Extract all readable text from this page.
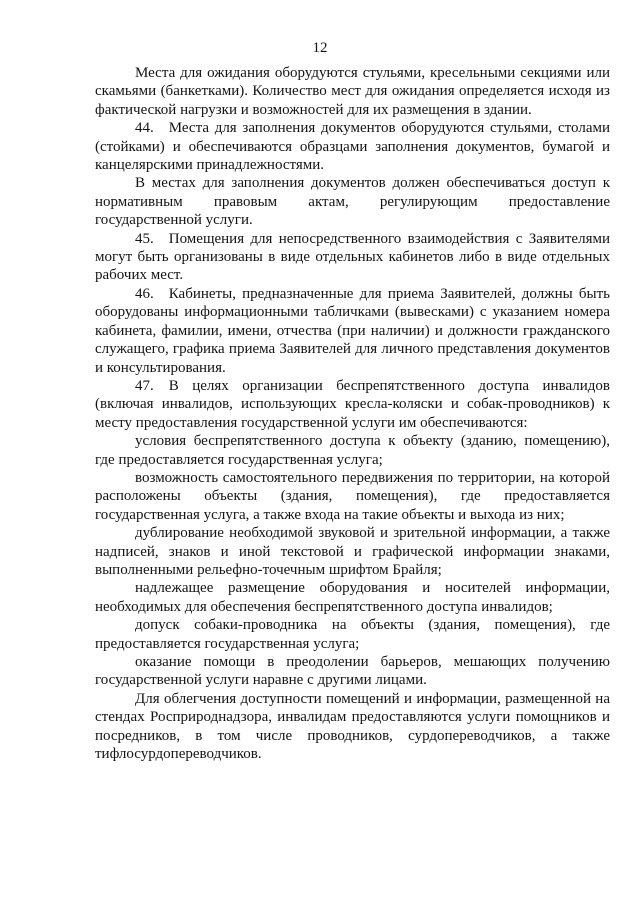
12

Места для ожидания оборудуются стульями, кресельными секциями или скамьями (банкетками). Количество мест для ожидания определяется исходя из фактической нагрузки и возможностей для их размещения в здании.

44. Места для заполнения документов оборудуются стульями, столами (стойками) и обеспечиваются образцами заполнения документов, бумагой и канцелярскими принадлежностями.

В местах для заполнения документов должен обеспечиваться доступ к нормативным правовым актам, регулирующим предоставление государственной услуги.

45. Помещения для непосредственного взаимодействия с Заявителями могут быть организованы в виде отдельных кабинетов либо в виде отдельных рабочих мест.

46. Кабинеты, предназначенные для приема Заявителей, должны быть оборудованы информационными табличками (вывесками) с указанием номера кабинета, фамилии, имени, отчества (при наличии) и должности гражданского служащего, графика приема Заявителей для личного представления документов и консультирования.

47. В целях организации беспрепятственного доступа инвалидов (включая инвалидов, использующих кресла-коляски и собак-проводников) к месту предоставления государственной услуги им обеспечиваются:

условия беспрепятственного доступа к объекту (зданию, помещению), где предоставляется государственная услуга;

возможность самостоятельного передвижения по территории, на которой расположены объекты (здания, помещения), где предоставляется государственная услуга, а также входа на такие объекты и выхода из них;

дублирование необходимой звуковой и зрительной информации, а также надписей, знаков и иной текстовой и графической информации знаками, выполненными рельефно-точечным шрифтом Брайля;

надлежащее размещение оборудования и носителей информации, необходимых для обеспечения беспрепятственного доступа инвалидов;

допуск собаки-проводника на объекты (здания, помещения), где предоставляется государственная услуга;

оказание помощи в преодолении барьеров, мешающих получению государственной услуги наравне с другими лицами.

Для облегчения доступности помещений и информации, размещенной на стендах Росприроднадзора, инвалидам предоставляются услуги помощников и посредников, в том числе проводников, сурдопереводчиков, а также тифлосурдопереводчиков.
